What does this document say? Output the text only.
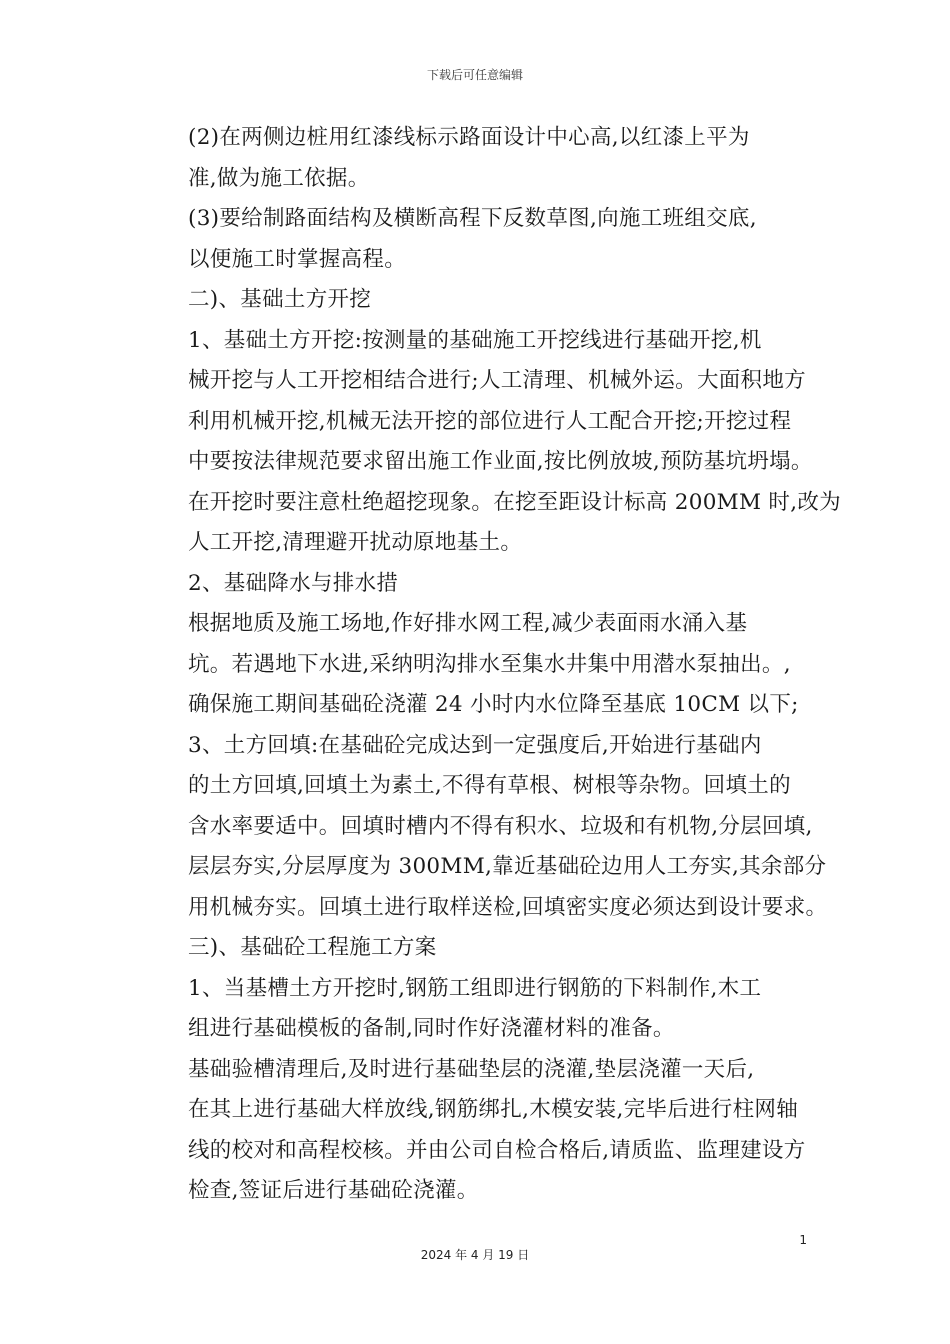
下载后可任意编辑

(2)在两侧边桩用红漆线标示路面设计中心高,以红漆上平为
准,做为施工依据。

(3)要给制路面结构及横断高程下反数草图,向施工班组交底,
以便施工时掌握高程。

二)、基础土方开挖

1、基础土方开挖:按测量的基础施工开挖线进行基础开挖,机
械开挖与人工开挖相结合进行;人工清理、机械外运。大面积地方
利用机械开挖,机械无法开挖的部位进行人工配合开挖;开挖过程
中要按法律规范要求留出施工作业面,按比例放坡,预防基坑坍塌。
在开挖时要注意杜绝超挖现象。在挖至距设计标高 200MM 时,改为
人工开挖,清理避开扰动原地基土。

2、基础降水与排水措

根据地质及施工场地,作好排水网工程,减少表面雨水涌入基
坑。若遇地下水进,采纳明沟排水至集水井集中用潜水泵抽出。,
确保施工期间基础砼浇灌 24 小时内水位降至基底 10CM 以下;

3、土方回填:在基础砼完成达到一定强度后,开始进行基础内
的土方回填,回填土为素土,不得有草根、树根等杂物。回填土的
含水率要适中。回填时槽内不得有积水、垃圾和有机物,分层回填,
层层夯实,分层厚度为 300MM,靠近基础砼边用人工夯实,其余部分
用机械夯实。回填土进行取样送检,回填密实度必须达到设计要求。

三)、基础砼工程施工方案

1、当基槽土方开挖时,钢筋工组即进行钢筋的下料制作,木工
组进行基础模板的备制,同时作好浇灌材料的准备。

基础验槽清理后,及时进行基础垫层的浇灌,垫层浇灌一天后,
在其上进行基础大样放线,钢筋绑扎,木模安装,完毕后进行柱网轴
线的校对和高程校核。并由公司自检合格后,请质监、监理建设方
检查,签证后进行基础砼浇灌。

1
2024 年 4 月 19 日
